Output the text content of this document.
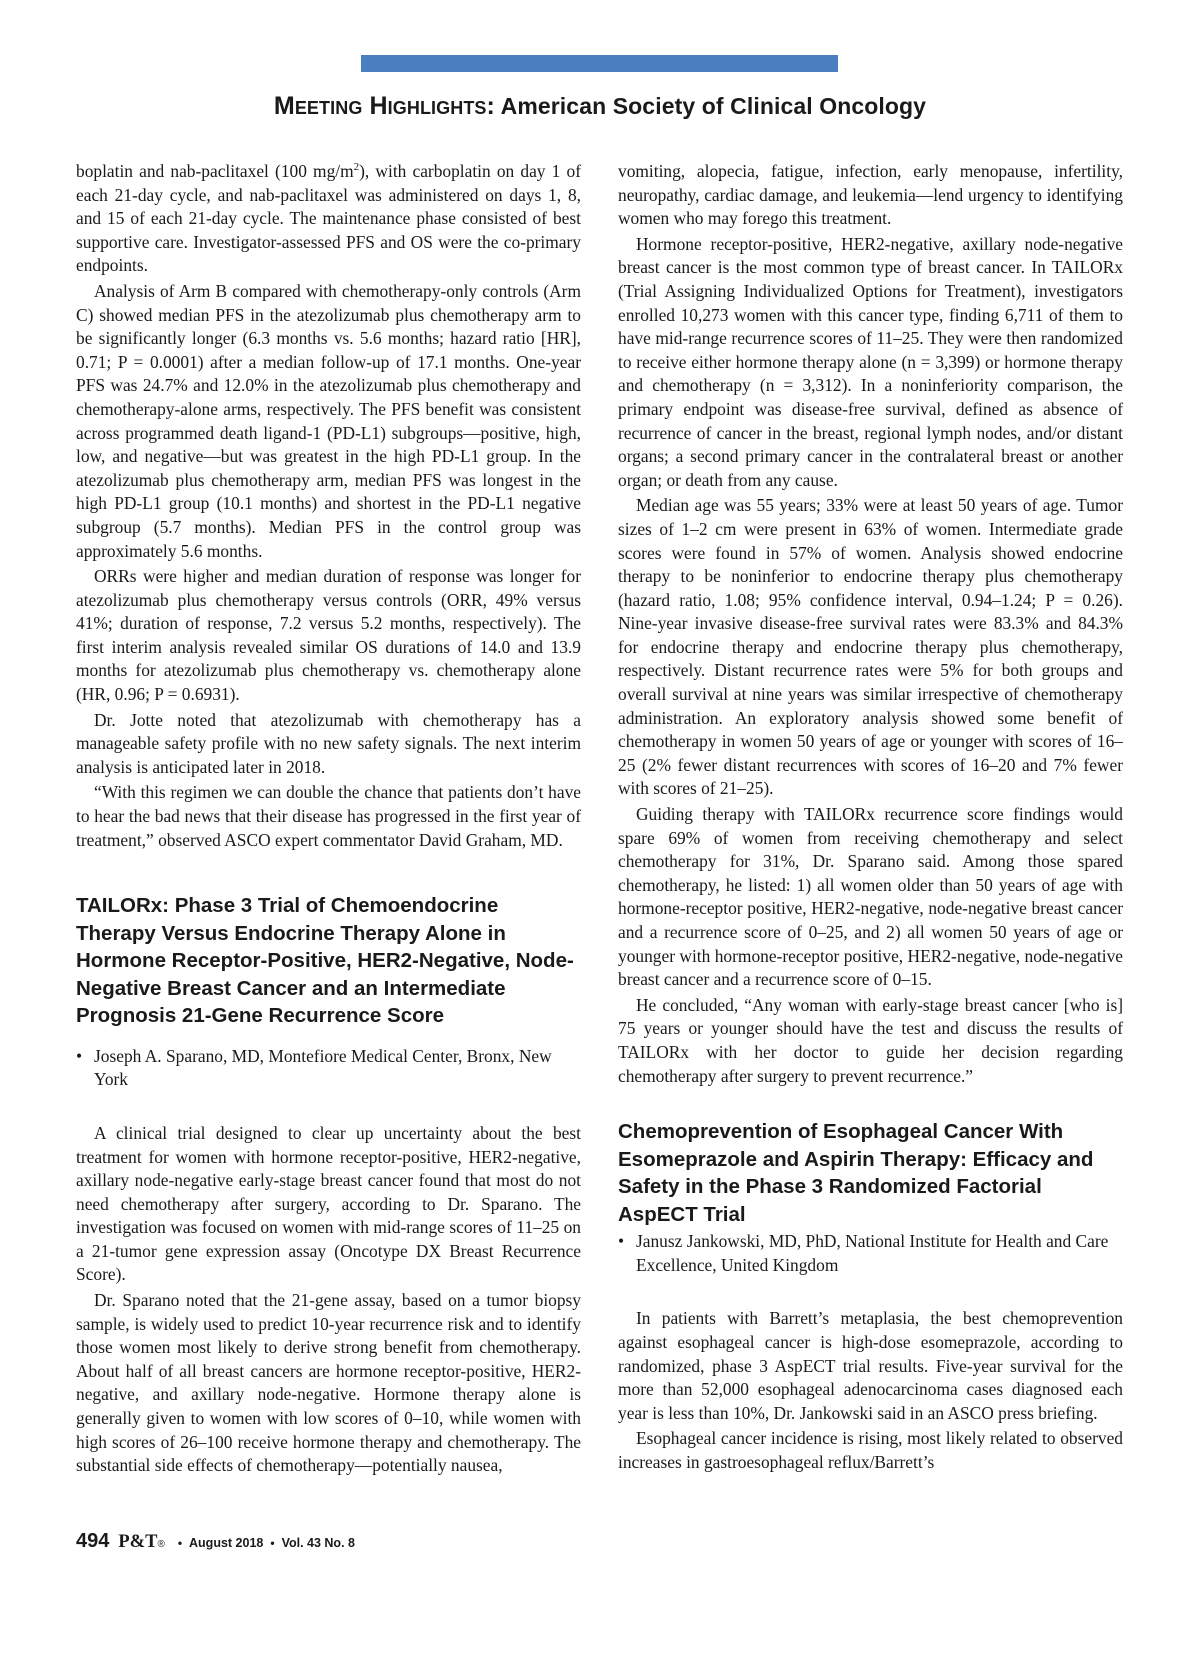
Meeting Highlights: American Society of Clinical Oncology

boplatin and nab-paclitaxel (100 $mg/m^2$), with carboplatin on day 1 of each 21-day cycle, and nab-paclitaxel was administered on days 1, 8, and 15 of each 21-day cycle. The maintenance phase consisted of best supportive care. Investigator-assessed PFS and OS were the co-primary endpoints.

Analysis of Arm B compared with chemotherapy-only controls (Arm C) showed median PFS in the atezolizumab plus chemotherapy arm to be significantly longer (6.3 months vs. 5.6 months; hazard ratio [HR], 0.71; P = 0.0001) after a median follow-up of 17.1 months. One-year PFS was 24.7% and 12.0% in the atezolizumab plus chemotherapy and chemotherapy-alone arms, respectively. The PFS benefit was consistent across programmed death ligand-1 (PD-L1) subgroups—positive, high, low, and negative—but was greatest in the high PD-L1 group. In the atezolizumab plus chemotherapy arm, median PFS was longest in the high PD-L1 group (10.1 months) and shortest in the PD-L1 negative subgroup (5.7 months). Median PFS in the control group was approximately 5.6 months.

ORRs were higher and median duration of response was longer for atezolizumab plus chemotherapy versus controls (ORR, 49% versus 41%; duration of response, 7.2 versus 5.2 months, respectively). The first interim analysis revealed similar OS durations of 14.0 and 13.9 months for atezolizumab plus chemotherapy vs. chemotherapy alone (HR, 0.96; P = 0.6931).

Dr. Jotte noted that atezolizumab with chemotherapy has a manageable safety profile with no new safety signals. The next interim analysis is anticipated later in 2018.

“With this regimen we can double the chance that patients don’t have to hear the bad news that their disease has progressed in the first year of treatment,” observed ASCO expert commentator David Graham, MD.

TAILORx: Phase 3 Trial of Chemoendocrine Therapy Versus Endocrine Therapy Alone in Hormone Receptor-Positive, HER2-Negative, Node-Negative Breast Cancer and an Intermediate Prognosis 21-Gene Recurrence Score
• Joseph A. Sparano, MD, Montefiore Medical Center, Bronx, New York

A clinical trial designed to clear up uncertainty about the best treatment for women with hormone receptor-positive, HER2-negative, axillary node-negative early-stage breast cancer found that most do not need chemotherapy after surgery, according to Dr. Sparano. The investigation was focused on women with mid-range scores of 11–25 on a 21-tumor gene expression assay (Oncotype DX Breast Recurrence Score).

Dr. Sparano noted that the 21-gene assay, based on a tumor biopsy sample, is widely used to predict 10-year recurrence risk and to identify those women most likely to derive strong benefit from chemotherapy. About half of all breast cancers are hormone receptor-positive, HER2-negative, and axillary node-negative. Hormone therapy alone is generally given to women with low scores of 0–10, while women with high scores of 26–100 receive hormone therapy and chemotherapy. The substantial side effects of chemotherapy—potentially nausea,

vomiting, alopecia, fatigue, infection, early menopause, infertility, neuropathy, cardiac damage, and leukemia—lend urgency to identifying women who may forego this treatment.

Hormone receptor-positive, HER2-negative, axillary node-negative breast cancer is the most common type of breast cancer. In TAILORx (Trial Assigning Individualized Options for Treatment), investigators enrolled 10,273 women with this cancer type, finding 6,711 of them to have mid-range recurrence scores of 11–25. They were then randomized to receive either hormone therapy alone (n = 3,399) or hormone therapy and chemotherapy (n = 3,312). In a noninferiority comparison, the primary endpoint was disease-free survival, defined as absence of recurrence of cancer in the breast, regional lymph nodes, and/or distant organs; a second primary cancer in the contralateral breast or another organ; or death from any cause.

Median age was 55 years; 33% were at least 50 years of age. Tumor sizes of 1–2 cm were present in 63% of women. Intermediate grade scores were found in 57% of women. Analysis showed endocrine therapy to be noninferior to endocrine therapy plus chemotherapy (hazard ratio, 1.08; 95% confidence interval, 0.94–1.24; P = 0.26). Nine-year invasive disease-free survival rates were 83.3% and 84.3% for endocrine therapy and endocrine therapy plus chemotherapy, respectively. Distant recurrence rates were 5% for both groups and overall survival at nine years was similar irrespective of chemotherapy administration. An exploratory analysis showed some benefit of chemotherapy in women 50 years of age or younger with scores of 16–25 (2% fewer distant recurrences with scores of 16–20 and 7% fewer with scores of 21–25).

Guiding therapy with TAILORx recurrence score findings would spare 69% of women from receiving chemotherapy and select chemotherapy for 31%, Dr. Sparano said. Among those spared chemotherapy, he listed: 1) all women older than 50 years of age with hormone-receptor positive, HER2-negative, node-negative breast cancer and a recurrence score of 0–25, and 2) all women 50 years of age or younger with hormone-receptor positive, HER2-negative, node-negative breast cancer and a recurrence score of 0–15.

He concluded, “Any woman with early-stage breast cancer [who is] 75 years or younger should have the test and discuss the results of TAILORx with her doctor to guide her decision regarding chemotherapy after surgery to prevent recurrence.”

Chemoprevention of Esophageal Cancer With Esomeprazole and Aspirin Therapy: Efficacy and Safety in the Phase 3 Randomized Factorial AspECT Trial
• Janusz Jankowski, MD, PhD, National Institute for Health and Care Excellence, United Kingdom

In patients with Barrett’s metaplasia, the best chemoprevention against esophageal cancer is high-dose esomeprazole, according to randomized, phase 3 AspECT trial results. Five-year survival for the more than 52,000 esophageal adenocarcinoma cases diagnosed each year is less than 10%, Dr. Jankowski said in an ASCO press briefing.

Esophageal cancer incidence is rising, most likely related to observed increases in gastroesophageal reflux/Barrett’s

494 P&T ® • August 2018 • Vol. 43 No. 8
